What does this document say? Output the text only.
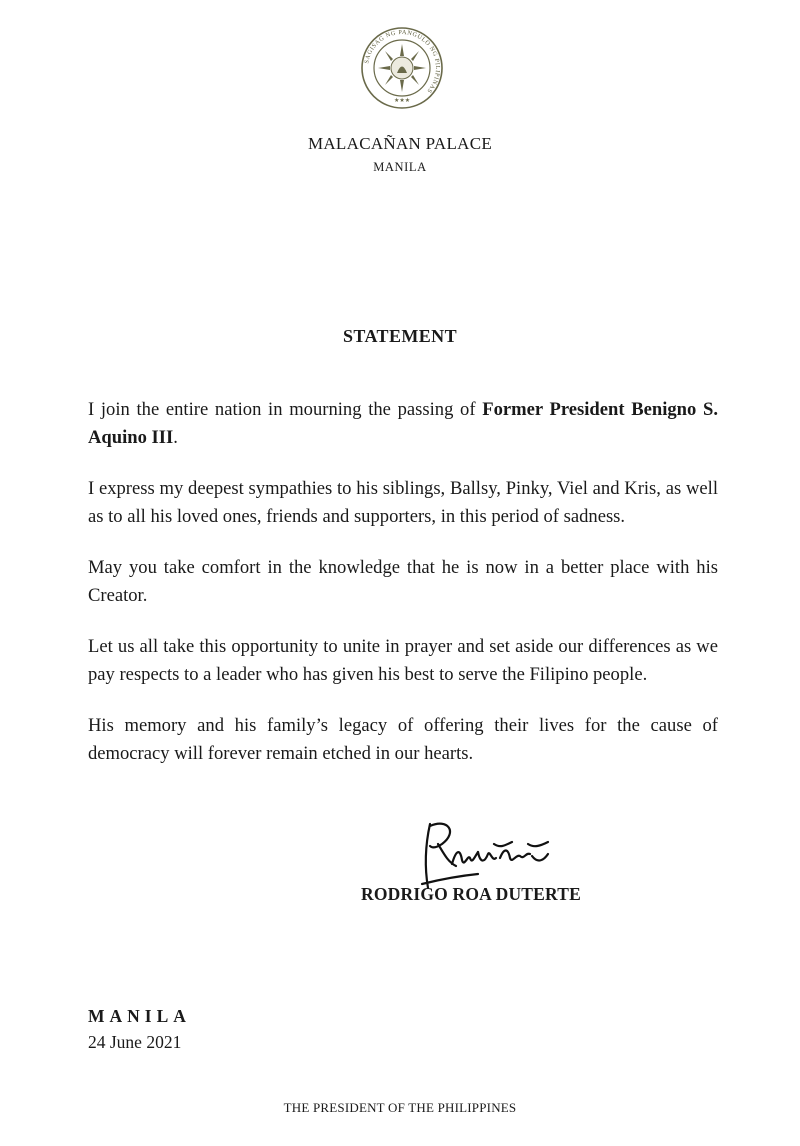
SAGISAG NG PANGULO NG PILIPINAS
★★★
MALACAÑAN PALACE
MANILA
STATEMENT

I join the entire nation in mourning the passing of Former President Benigno S. Aquino III.

I express my deepest sympathies to his siblings, Ballsy, Pinky, Viel and Kris, as well as to all his loved ones, friends and supporters, in this period of sadness.

May you take comfort in the knowledge that he is now in a better place with his Creator.

Let us all take this opportunity to unite in prayer and set aside our differences as we pay respects to a leader who has given his best to serve the Filipino people.

His memory and his family’s legacy of offering their lives for the cause of democracy will forever remain etched in our hearts.

RODRIGO ROA DUTERTE
MANILA
24 June 2021
THE PRESIDENT OF THE PHILIPPINES
